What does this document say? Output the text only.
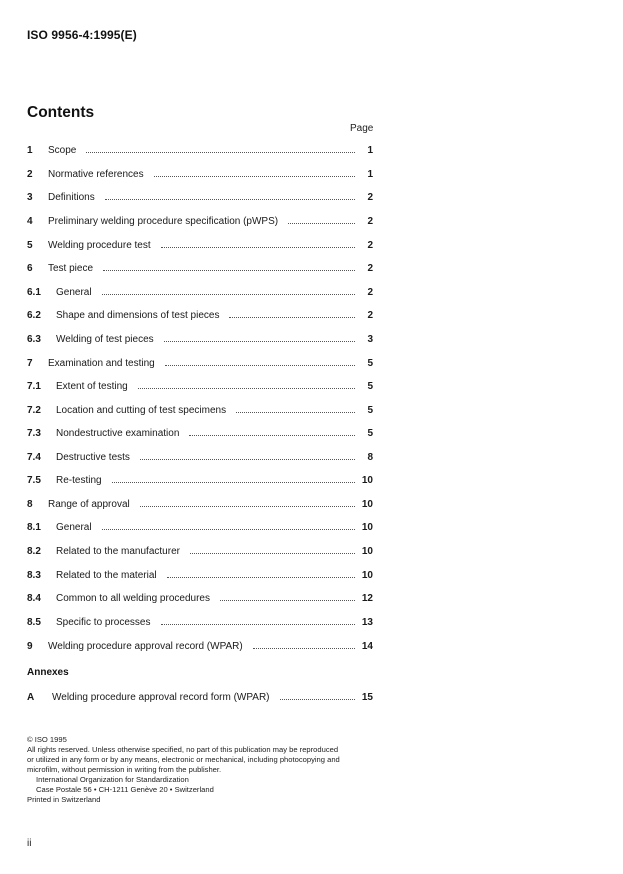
ISO 9956-4:1995(E)
Contents
Page
1	Scope	1
2	Normative references	1
3	Definitions	2
4	Preliminary welding procedure specification (pWPS)	2
5	Welding procedure test	2
6	Test piece	2
6.1	General	2
6.2	Shape and dimensions of test pieces	2
6.3	Welding of test pieces	3
7	Examination and testing	5
7.1	Extent of testing	5
7.2	Location and cutting of test specimens	5
7.3	Nondestructive examination	5
7.4	Destructive tests	8
7.5	Re-testing	10
8	Range of approval	10
8.1	General	10
8.2	Related to the manufacturer	10
8.3	Related to the material	10
8.4	Common to all welding procedures	12
8.5	Specific to processes	13
9	Welding procedure approval record (WPAR)	14
Annexes
A	Welding procedure approval record form (WPAR)	15

© ISO 1995

All rights reserved. Unless otherwise specified, no part of this publication may be reproduced

or utilized in any form or by any means, electronic or mechanical, including photocopying and

microfilm, without permission in writing from the publisher.

International Organization for Standardization

Case Postale 56 • CH-1211 Genève 20 • Switzerland

Printed in Switzerland

ii
